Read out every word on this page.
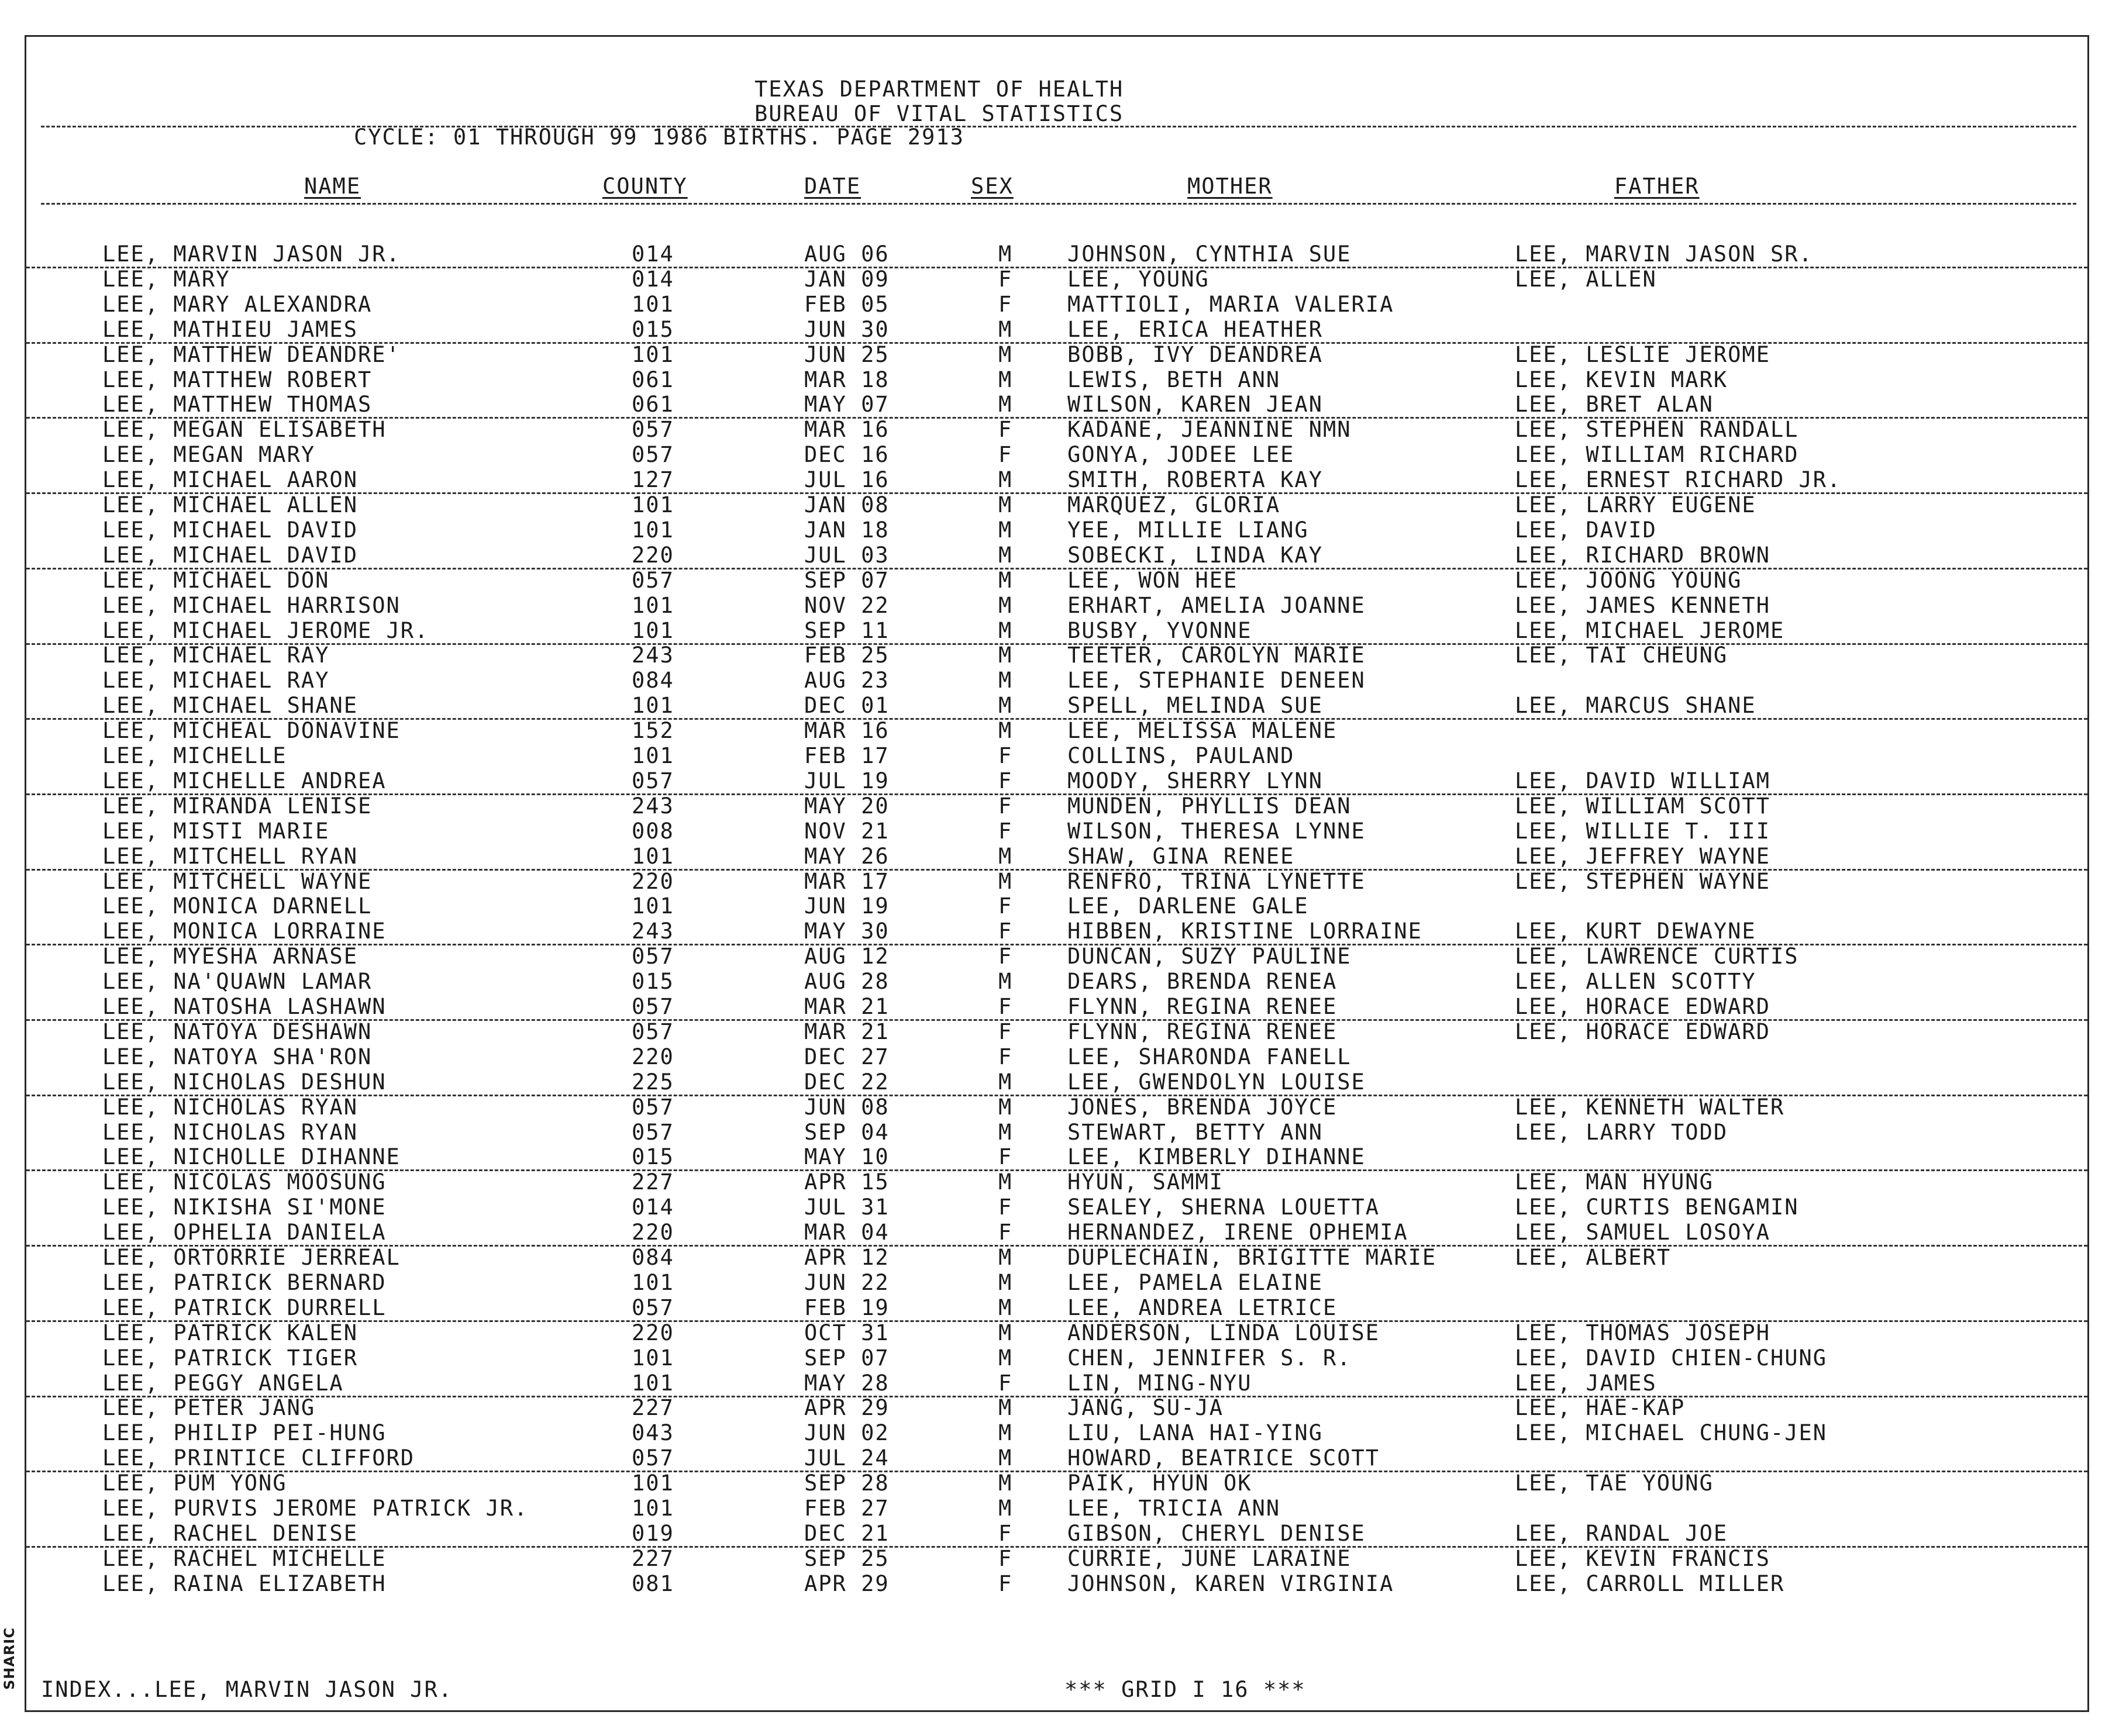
TEXAS DEPARTMENT OF HEALTH
BUREAU OF VITAL STATISTICS
CYCLE: 01 THROUGH 99 1986 BIRTHS. PAGE 2913
NAME	COUNTY	DATE	SEX	MOTHER	FATHER
LEE, MARVIN JASON JR.	014	AUG 06	M	JOHNSON, CYNTHIA SUE	LEE, MARVIN JASON SR.
LEE, MARY	014	JAN 09	F	LEE, YOUNG	LEE, ALLEN
LEE, MARY ALEXANDRA	101	FEB 05	F	MATTIOLI, MARIA VALERIA
LEE, MATHIEU JAMES	015	JUN 30	M	LEE, ERICA HEATHER
LEE, MATTHEW DEANDRE'	101	JUN 25	M	BOBB, IVY DEANDREA	LEE, LESLIE JEROME
LEE, MATTHEW ROBERT	061	MAR 18	M	LEWIS, BETH ANN	LEE, KEVIN MARK
LEE, MATTHEW THOMAS	061	MAY 07	M	WILSON, KAREN JEAN	LEE, BRET ALAN
LEE, MEGAN ELISABETH	057	MAR 16	F	KADANE, JEANNINE NMN	LEE, STEPHEN RANDALL
LEE, MEGAN MARY	057	DEC 16	F	GONYA, JODEE LEE	LEE, WILLIAM RICHARD
LEE, MICHAEL AARON	127	JUL 16	M	SMITH, ROBERTA KAY	LEE, ERNEST RICHARD JR.
LEE, MICHAEL ALLEN	101	JAN 08	M	MARQUEZ, GLORIA	LEE, LARRY EUGENE
LEE, MICHAEL DAVID	101	JAN 18	M	YEE, MILLIE LIANG	LEE, DAVID
LEE, MICHAEL DAVID	220	JUL 03	M	SOBECKI, LINDA KAY	LEE, RICHARD BROWN
LEE, MICHAEL DON	057	SEP 07	M	LEE, WON HEE	LEE, JOONG YOUNG
LEE, MICHAEL HARRISON	101	NOV 22	M	ERHART, AMELIA JOANNE	LEE, JAMES KENNETH
LEE, MICHAEL JEROME JR.	101	SEP 11	M	BUSBY, YVONNE	LEE, MICHAEL JEROME
LEE, MICHAEL RAY	243	FEB 25	M	TEETER, CAROLYN MARIE	LEE, TAI CHEUNG
LEE, MICHAEL RAY	084	AUG 23	M	LEE, STEPHANIE DENEEN
LEE, MICHAEL SHANE	101	DEC 01	M	SPELL, MELINDA SUE	LEE, MARCUS SHANE
LEE, MICHEAL DONAVINE	152	MAR 16	M	LEE, MELISSA MALENE
LEE, MICHELLE	101	FEB 17	F	COLLINS, PAULAND
LEE, MICHELLE ANDREA	057	JUL 19	F	MOODY, SHERRY LYNN	LEE, DAVID WILLIAM
LEE, MIRANDA LENISE	243	MAY 20	F	MUNDEN, PHYLLIS DEAN	LEE, WILLIAM SCOTT
LEE, MISTI MARIE	008	NOV 21	F	WILSON, THERESA LYNNE	LEE, WILLIE T. III
LEE, MITCHELL RYAN	101	MAY 26	M	SHAW, GINA RENEE	LEE, JEFFREY WAYNE
LEE, MITCHELL WAYNE	220	MAR 17	M	RENFRO, TRINA LYNETTE	LEE, STEPHEN WAYNE
LEE, MONICA DARNELL	101	JUN 19	F	LEE, DARLENE GALE
LEE, MONICA LORRAINE	243	MAY 30	F	HIBBEN, KRISTINE LORRAINE	LEE, KURT DEWAYNE
LEE, MYESHA ARNASE	057	AUG 12	F	DUNCAN, SUZY PAULINE	LEE, LAWRENCE CURTIS
LEE, NA'QUAWN LAMAR	015	AUG 28	M	DEARS, BRENDA RENEA	LEE, ALLEN SCOTTY
LEE, NATOSHA LASHAWN	057	MAR 21	F	FLYNN, REGINA RENEE	LEE, HORACE EDWARD
LEE, NATOYA DESHAWN	057	MAR 21	F	FLYNN, REGINA RENEE	LEE, HORACE EDWARD
LEE, NATOYA SHA'RON	220	DEC 27	F	LEE, SHARONDA FANELL
LEE, NICHOLAS DESHUN	225	DEC 22	M	LEE, GWENDOLYN LOUISE
LEE, NICHOLAS RYAN	057	JUN 08	M	JONES, BRENDA JOYCE	LEE, KENNETH WALTER
LEE, NICHOLAS RYAN	057	SEP 04	M	STEWART, BETTY ANN	LEE, LARRY TODD
LEE, NICHOLLE DIHANNE	015	MAY 10	F	LEE, KIMBERLY DIHANNE
LEE, NICOLAS MOOSUNG	227	APR 15	M	HYUN, SAMMI	LEE, MAN HYUNG
LEE, NIKISHA SI'MONE	014	JUL 31	F	SEALEY, SHERNA LOUETTA	LEE, CURTIS BENGAMIN
LEE, OPHELIA DANIELA	220	MAR 04	F	HERNANDEZ, IRENE OPHEMIA	LEE, SAMUEL LOSOYA
LEE, ORTORRIE JERREAL	084	APR 12	M	DUPLECHAIN, BRIGITTE MARIE	LEE, ALBERT
LEE, PATRICK BERNARD	101	JUN 22	M	LEE, PAMELA ELAINE
LEE, PATRICK DURRELL	057	FEB 19	M	LEE, ANDREA LETRICE
LEE, PATRICK KALEN	220	OCT 31	M	ANDERSON, LINDA LOUISE	LEE, THOMAS JOSEPH
LEE, PATRICK TIGER	101	SEP 07	M	CHEN, JENNIFER S. R.	LEE, DAVID CHIEN-CHUNG
LEE, PEGGY ANGELA	101	MAY 28	F	LIN, MING-NYU	LEE, JAMES
LEE, PETER JANG	227	APR 29	M	JANG, SU-JA	LEE, HAE-KAP
LEE, PHILIP PEI-HUNG	043	JUN 02	M	LIU, LANA HAI-YING	LEE, MICHAEL CHUNG-JEN
LEE, PRINTICE CLIFFORD	057	JUL 24	M	HOWARD, BEATRICE SCOTT
LEE, PUM YONG	101	SEP 28	M	PAIK, HYUN OK	LEE, TAE YOUNG
LEE, PURVIS JEROME PATRICK JR.	101	FEB 27	M	LEE, TRICIA ANN
LEE, RACHEL DENISE	019	DEC 21	F	GIBSON, CHERYL DENISE	LEE, RANDAL JOE
LEE, RACHEL MICHELLE	227	SEP 25	F	CURRIE, JUNE LARAINE	LEE, KEVIN FRANCIS
LEE, RAINA ELIZABETH	081	APR 29	F	JOHNSON, KAREN VIRGINIA	LEE, CARROLL MILLER
INDEX...LEE, MARVIN JASON JR.	*** GRID I 16 ***
SHARIC
